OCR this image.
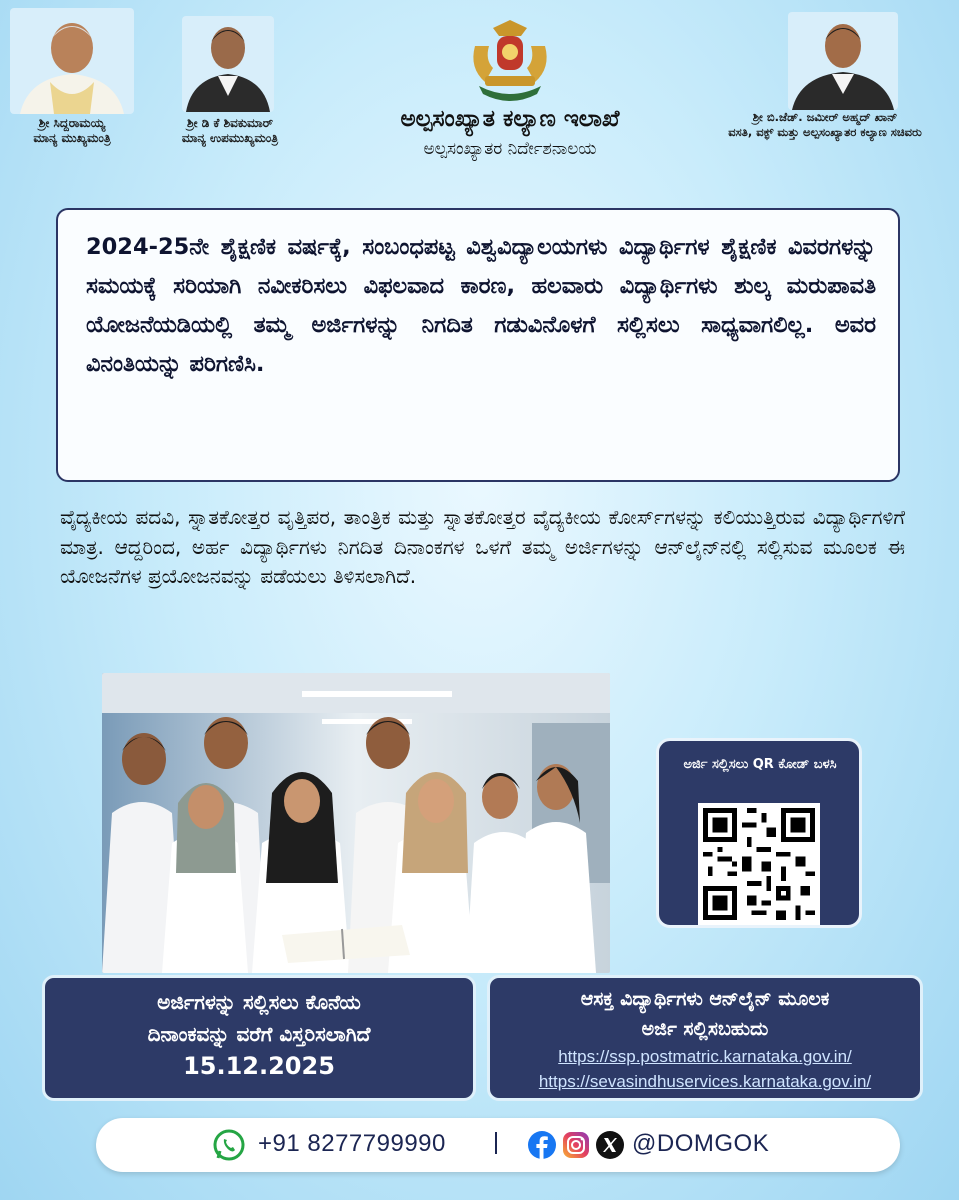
ಶ್ರೀ ಸಿದ್ದರಾಮಯ್ಯ
ಮಾನ್ಯ ಮುಖ್ಯಮಂತ್ರಿ
ಶ್ರೀ ಡಿ ಕೆ ಶಿವಕುಮಾರ್
ಮಾನ್ಯ ಉಪಮುಖ್ಯಮಂತ್ರಿ
ಅಲ್ಪಸಂಖ್ಯಾತ ಕಲ್ಯಾಣ ಇಲಾಖೆ
ಅಲ್ಪಸಂಖ್ಯಾತರ ನಿರ್ದೇಶನಾಲಯ
ಶ್ರೀ ಬಿ.ಜೆಡ್. ಜಮೀರ್ ಅಹ್ಮದ್ ಖಾನ್
ವಸತಿ, ವಕ್ಫ್ ಮತ್ತು ಅಲ್ಪಸಂಖ್ಯಾತರ ಕಲ್ಯಾಣ ಸಚಿವರು
2024-25ನೇ ಶೈಕ್ಷಣಿಕ ವರ್ಷಕ್ಕೆ, ಸಂಬಂಧಪಟ್ಟ ವಿಶ್ವವಿದ್ಯಾಲಯಗಳು ವಿದ್ಯಾರ್ಥಿಗಳ ಶೈಕ್ಷಣಿಕ ವಿವರಗಳನ್ನು ಸಮಯಕ್ಕೆ ಸರಿಯಾಗಿ ನವೀಕರಿಸಲು ವಿಫಲವಾದ ಕಾರಣ, ಹಲವಾರು ವಿದ್ಯಾರ್ಥಿಗಳು ಶುಲ್ಕ ಮರುಪಾವತಿ ಯೋಜನೆಯಡಿಯಲ್ಲಿ ತಮ್ಮ ಅರ್ಜಿಗಳನ್ನು ನಿಗದಿತ ಗಡುವಿನೊಳಗೆ ಸಲ್ಲಿಸಲು ಸಾಧ್ಯವಾಗಲಿಲ್ಲ. ಅವರ ವಿನಂತಿಯನ್ನು ಪರಿಗಣಿಸಿ.
ವೈದ್ಯಕೀಯ ಪದವಿ, ಸ್ನಾತಕೋತ್ತರ ವೃತ್ತಿಪರ, ತಾಂತ್ರಿಕ ಮತ್ತು ಸ್ನಾತಕೋತ್ತರ ವೈದ್ಯಕೀಯ ಕೋರ್ಸ್‌ಗಳನ್ನು ಕಲಿಯುತ್ತಿರುವ ವಿದ್ಯಾರ್ಥಿಗಳಿಗೆ ಮಾತ್ರ. ಆದ್ದರಿಂದ, ಅರ್ಹ ವಿದ್ಯಾರ್ಥಿಗಳು ನಿಗದಿತ ದಿನಾಂಕಗಳ ಒಳಗೆ ತಮ್ಮ ಅರ್ಜಿಗಳನ್ನು ಆನ್‌ಲೈನ್‌ನಲ್ಲಿ ಸಲ್ಲಿಸುವ ಮೂಲಕ ಈ ಯೋಜನೆಗಳ ಪ್ರಯೋಜನವನ್ನು ಪಡೆಯಲು ತಿಳಿಸಲಾಗಿದೆ.
ಅರ್ಜಿ ಸಲ್ಲಿಸಲು QR ಕೋಡ್ ಬಳಸಿ
ಅರ್ಜಿಗಳನ್ನು ಸಲ್ಲಿಸಲು ಕೊನೆಯ
ದಿನಾಂಕವನ್ನು ವರೆಗೆ ವಿಸ್ತರಿಸಲಾಗಿದೆ
15.12.2025
ಆಸಕ್ತ ವಿದ್ಯಾರ್ಥಿಗಳು ಆನ್‌ಲೈನ್ ಮೂಲಕ
ಅರ್ಜಿ ಸಲ್ಲಿಸಬಹುದು
https://ssp.postmatric.karnataka.gov.in/
https://sevasindhuservices.karnataka.gov.in/
+91 8277799990	@DOMGOK
